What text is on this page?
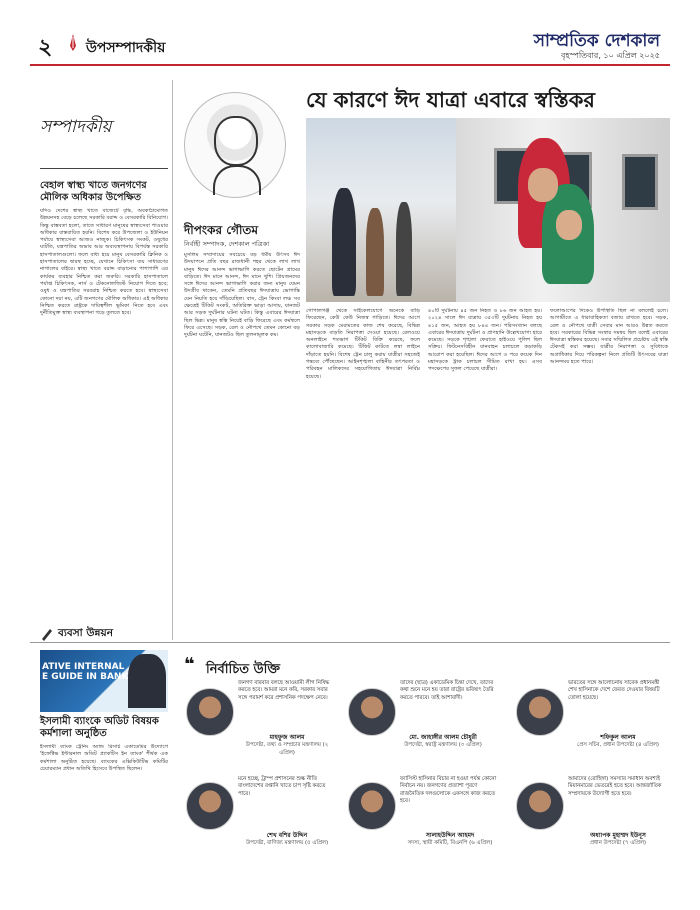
২ উপসম্পাদকীয়	সাম্প্রতিক দেশকাল
বৃহস্পতিবার, ১০ এপ্রিল ২০২৫
সম্পাদকীয়
বেহাল স্বাস্থ্য খাতে জনগণের মৌলিক অধিকার উপেক্ষিত
যদিও দেশের স্বাস্থ্য খাতে বাজেটে বৃদ্ধি, অবকাঠামোগত উন্নয়নসহ বেড়ে চলেছে সরকারি বরাদ্দ ও বেসরকারি বিনিয়োগ। কিন্তু বাস্তবতা হলো, তাতে সাধারণ মানুষের স্বাস্থ্যসেবা পাওয়ার অধিকার বাস্তবায়িত হয়নি। বিশেষ করে উপজেলা ও ইউনিয়ন পর্যায়ে স্বাস্থ্যসেবা আজও নাজুক। চিকিৎসক সংকট, ওষুধের ঘাটতি, যন্ত্রপাতির অভাব আর অব্যবস্থাপনায় বিপর্যস্ত সরকারি হাসপাতালগুলো। ফলে বাধ্য হয়ে মানুষ বেসরকারি ক্লিনিক ও হাসপাতালের দ্বারস্থ হচ্ছে, যেখানে চিকিৎসা ব্যয় সাধারণের নাগালের বাইরে। স্বাস্থ্য খাতে বরাদ্দ বাড়ানোর পাশাপাশি এর কার্যকর ব্যবহার নিশ্চিত করা জরুরি। সরকারি হাসপাতালে পর্যাপ্ত চিকিৎসক, নার্স ও টেকনোলজিস্ট নিয়োগ দিতে হবে; ওষুধ ও যন্ত্রপাতির সরবরাহ নিশ্চিত করতে হবে। স্বাস্থ্যসেবা কোনো দয়া নয়, এটি জনগণের মৌলিক অধিকার। এই অধিকার নিশ্চিত করতে রাষ্ট্রকে দায়িত্বশীল ভূমিকা নিতে হবে এবং দুর্নীতিমুক্ত স্বাস্থ্য ব্যবস্থাপনা গড়ে তুলতে হবে।
যে কারণে ঈদ যাত্রা এবারে স্বস্তিকর
দীপংকর গৌতম
নির্বাহী সম্পাদক, দেশকাল পত্রিকা
মুসলিম সম্প্রদায়ের সবচেয়ে বড় ধর্মীয় উৎসব ঈদ উদযাপনে প্রতি বছর রাজধানী শহর থেকে লাখ লাখ মানুষ ঈদের আনন্দ ভাগাভাগি করতে ছোটেন গ্রামের বাড়িতে। ঈদ মানে আনন্দ, ঈদ মানে খুশি। প্রিয়জনদের সঙ্গে ঈদের আনন্দ ভাগাভাগি করার জন্য মানুষ যেমন উদগ্রীব থাকেন, তেমনি প্রতিবছর ঈদযাত্রায় ভোগান্তি যেন নিয়তি হয়ে দাঁড়িয়েছিল। বাস, ট্রেন কিংবা লঞ্চ সব ক্ষেত্রেই টিকিট সংকট, অতিরিক্ত ভাড়া আদায়, যানজট আর সড়ক দুর্ঘটনার ঘটনা ঘটত। কিন্তু এবারের ঈদযাত্রা ছিল ভিন্ন। মানুষ স্বস্তি নিয়েই বাড়ি ফিরেছে এবং কর্মস্থলে ফিরে এসেছে। সড়ক, রেল ও নৌপথে তেমন কোনো বড় দুর্ঘটনা ঘটেনি, যানজটও ছিল তুলনামূলক কম।
গোপালগঞ্জ থেকে সাইকেলযোগে অনেকে বাড়ি ফিরেছেন, কেউ কেউ নিজস্ব গাড়িতে। ঈদের আগে সরকার সড়ক মেরামতের কাজ শেষ করেছে, বিভিন্ন মহাসড়কে বাড়তি নিরাপত্তা দেওয়া হয়েছে। রেলওয়ে অনলাইনে শতভাগ টিকিট বিক্রি করেছে, ফলে কালোবাজারি কমেছে। টিকিট কাটতে লম্বা লাইনে দাঁড়াতে হয়নি। বিশেষ ট্রেন চালু করায় যাত্রীরা সহজেই গন্তব্যে পৌঁছেছেন। আইনশৃঙ্খলা বাহিনীর তৎপরতা ও পরিবহন মালিকদের সহযোগিতায় ঈদযাত্রা নির্বিঘ্ন হয়েছে।
৪০টি দুর্ঘটনায় ৪৫ জন নিহত ও ৮৬ জন আহত হয়। ২০২৪ সালে ঈদ যাত্রায় ৩৫৩টি দুর্ঘটনায় নিহত হয় ৪১৫ জন, আহত হয় ৮৪৪ জন। পরিসংখ্যান বলছে এবারের ঈদযাত্রায় দুর্ঘটনা ও প্রাণহানি উল্লেখযোগ্য হারে কমেছে। সড়কে শৃঙ্খলা ফেরাতে হাইওয়ে পুলিশ ছিল সক্রিয়। ফিটনেসবিহীন যানবাহন চলাচলে কড়াকড়ি আরোপ করা হয়েছিল। ঈদের আগে ও পরে কয়েক দিন মহাসড়কে ট্রাক চলাচল সীমিত রাখা হয়। এসব পদক্ষেপের সুফল পেয়েছে যাত্রীরা।
ফলোআপের দিকেও উপস্থিতি ছিল না বললেই চলে। আগামীতে এ ধারাবাহিকতা বজায় রাখতে হবে। সড়ক, রেল ও নৌপথে যাত্রী সেবার মান আরও উন্নত করতে হবে। সরকারের বিভিন্ন সংস্থার সমন্বয় ছিল বলেই এবারের ঈদযাত্রা স্বস্তিকর হয়েছে। সবার সম্মিলিত প্রচেষ্টায় এই স্বস্তি টেকসই করা সম্ভব। যাত্রীর নিরাপত্তা ও সুবিধাকে অগ্রাধিকার দিয়ে পরিকল্পনা নিলে প্রতিটি উৎসবের যাত্রা আনন্দময় হতে পারে।
ব্যবসা উন্নয়ন
ATIVE INTERNAL
E GUIDE IN BANK
ইসলামী ব্যাংকে অডিট বিষয়ক কর্মশালা অনুষ্ঠিত
ইসলামী ব্যাংক ট্রেনিং অ্যান্ড রিসার্চ একাডেমির উদ্যোগে 'ইফেক্টিভ ইন্টারনাল অডিট প্র্যাকটিস ইন ব্যাংক' শীর্ষক এক কর্মশালা অনুষ্ঠিত হয়েছে। ব্যাংকের এক্সিকিউটিভ কমিটির চেয়ারম্যান প্রধান অতিথি হিসেবে উপস্থিত ছিলেন।
❝ নির্বাচিত উক্তি
জনগণ বারবার বলছে আওয়ামী লীগ নিষিদ্ধ করতে হবে। আমরা মনে করি, সরকার সবার সঙ্গে পরামর্শ করে প্রশাসনিক পদক্ষেপ নেবে।
মাহফুজ আলম
উপদেষ্টা, তথ্য ও সম্প্রচার মন্ত্রণালয় (২ এপ্রিল)
তাদের (ছাত্র) একাডেমিক চিন্তা দেখে, তাদের কথা শুনে মনে হয় তারা রাষ্ট্রের ভবিষ্যৎ তৈরি করতে পারবে। তাই আশাবাদী।
মো. জাহাঙ্গীর আলম চৌধুরী
উপদেষ্টা, স্বরাষ্ট্র মন্ত্রণালয় (৩ এপ্রিল)
ভারতের সঙ্গে আলোচনায় সাবেক প্রধানমন্ত্রী শেখ হাসিনাকে দেশে ফেরত দেওয়ার বিষয়টি তোলা হয়েছে।
শফিকুল আলম
প্রেস সচিব, প্রধান উপদেষ্টা (৪ এপ্রিল)
মনে হচ্ছে, ট্রাম্প প্রশাসনের শুল্ক নীতি বাংলাদেশের রপ্তানি খাতে চাপ সৃষ্টি করতে পারে।
শেখ বশির উদ্দিন
উপদেষ্টা, বাণিজ্য মন্ত্রণালয় (৫ এপ্রিল)
ফ্যাসিস্ট হাসিনার বিচার না হওয়া পর্যন্ত কোনো নির্বাচন নয়। জনগণের প্রত্যাশা পূরণে রাজনৈতিক দলগুলোকে একসঙ্গে কাজ করতে হবে।
সালাহউদ্দিন আহমদ
সদস্য, স্থায়ী কমিটি, বিএনপি (৬ এপ্রিল)
আমাদের (রোহিঙ্গা) সমস্যার সমাধান অবশ্যই মিয়ানমারের ভেতরেই হতে হবে। আন্তর্জাতিক সম্প্রদায়কে উদ্যোগী হতে হবে।
অধ্যাপক মুহাম্মদ ইউনূস
প্রধান উপদেষ্টা (৭ এপ্রিল)
